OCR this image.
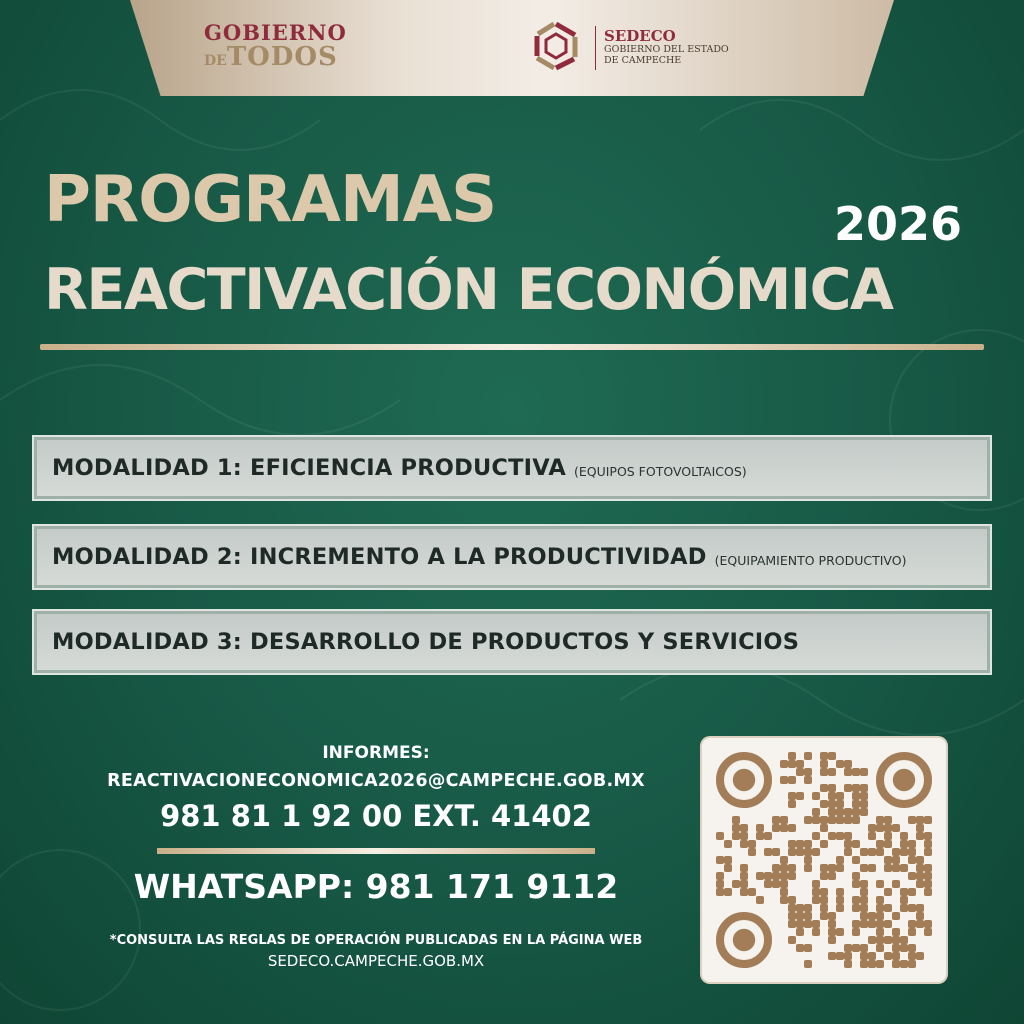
GOBIERNO
DETODOS
SEDECO
GOBIERNO DEL ESTADO
DE CAMPECHE
PROGRAMAS	2026
REACTIVACIÓN ECONÓMICA
MODALIDAD 1: EFICIENCIA PRODUCTIVA (EQUIPOS FOTOVOLTAICOS)
MODALIDAD 2: INCREMENTO A LA PRODUCTIVIDAD (EQUIPAMIENTO PRODUCTIVO)
MODALIDAD 3: DESARROLLO DE PRODUCTOS Y SERVICIOS
INFORMES:
REACTIVACIONECONOMICA2026@CAMPECHE.GOB.MX
981 81 1 92 00 EXT. 41402
WHATSAPP: 981 171 9112
*CONSULTA LAS REGLAS DE OPERACIÓN PUBLICADAS EN LA PÁGINA WEB
SEDECO.CAMPECHE.GOB.MX
